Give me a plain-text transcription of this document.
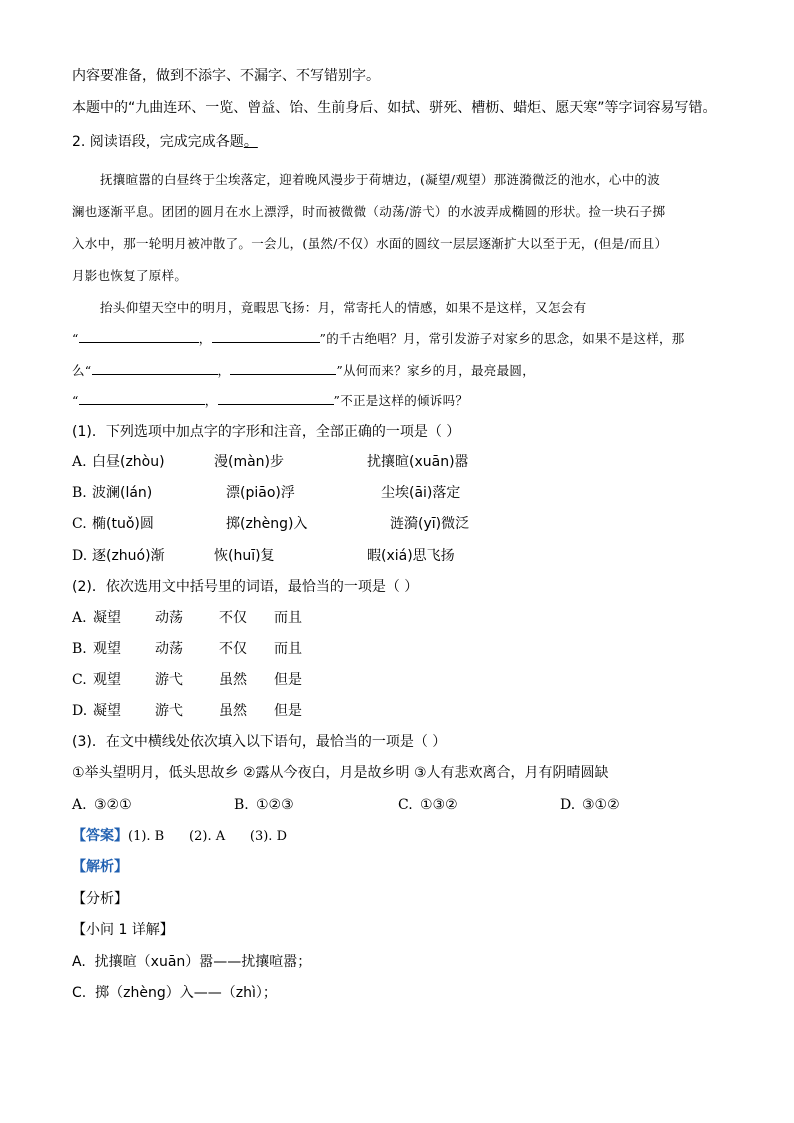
内容要准备，做到不添字、不漏字、不写错别字。
本题中的“九曲连环、一览、曾益、饴、生前身后、如拭、骈死、槽枥、蜡炬、愿天寒”等字词容易写错。
2. 阅读语段，完成完成各题。
抚攘暄嚣的白昼终于尘埃落定，迎着晚风漫步于荷塘边，(凝望/观望）那涟漪微泛的池水，心中的波
澜也逐渐平息。团团的圆月在水上漂浮，时而被微微（动荡/游弋）的水波弄成椭圆的形状。捡一块石子掷
入水中，那一轮明月被冲散了。一会儿，(虽然/不仅）水面的圆纹一层层逐渐扩大以至于无，(但是/而且）
月影也恢复了原样。
抬头仰望天空中的明月，竟暇思飞扬：月，常寄托人的情感，如果不是这样，又怎会有
“	，	”的千古绝唱？月，常引发游子对家乡的思念，如果不是这样，那
么“	，	”从何而来？家乡的月，最亮最圆，
“	，	”不正是这样的倾诉吗？
(1)．下列选项中加点字的字形和注音，全部正确的一项是（ ）
A. 白昼(zhòu)	漫(màn)步	扰攘暄(xuān)嚣
B. 波澜(lán)	漂(piāo)浮	尘埃(āi)落定
C. 椭(tuǒ)圆	掷(zhèng)入	涟漪(yī)微泛
D. 逐(zhuó)渐	恢(huī)复	暇(xiá)思飞扬
(2)．依次选用文中括号里的词语，最恰当的一项是（ ）
A. 凝望 动荡	不仅 而且
B. 观望 动荡	不仅 而且
C. 观望 游弋	虽然 但是
D. 凝望 游弋	虽然 但是
(3)．在文中横线处依次填入以下语句，最恰当的一项是（ ）
①举头望明月，低头思故乡 ②露从今夜白，月是故乡明 ③人有悲欢离合，月有阴晴圆缺
A. ③②①	B. ①②③	C. ①③②	D. ③①②
【答案】(1). B      (2). A      (3). D
【解析】
【分析】
【小问 1 详解】
A.  扰攘暄（xuān）嚣——扰攘喧嚣；
C.  掷（zhèng）入——（zhì）；
